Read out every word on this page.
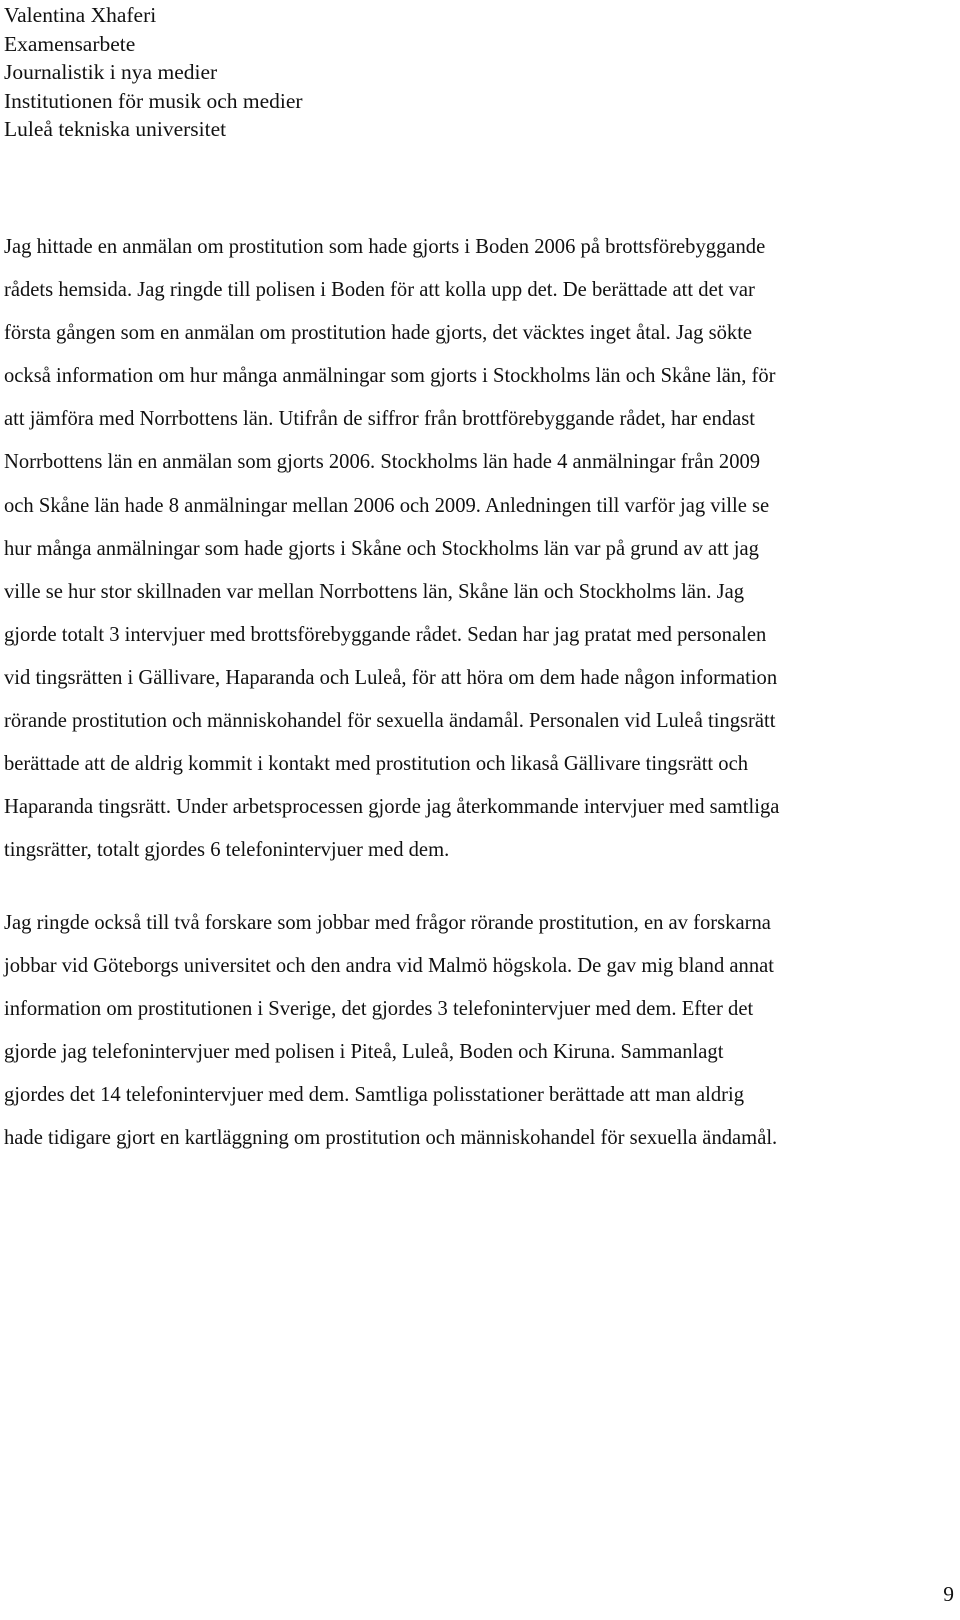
Valentina Xhaferi
Examensarbete
Journalistik i nya medier
Institutionen för musik och medier
Luleå tekniska universitet
Jag hittade en anmälan om prostitution som hade gjorts i Boden 2006 på brottsförebyggande
rådets hemsida. Jag ringde till polisen i Boden för att kolla upp det. De berättade att det var
första gången som en anmälan om prostitution hade gjorts, det väcktes inget åtal. Jag sökte
också information om hur många anmälningar som gjorts i Stockholms län och Skåne län, för
att jämföra med Norrbottens län. Utifrån de siffror från brottförebyggande rådet, har endast
Norrbottens län en anmälan som gjorts 2006. Stockholms län hade 4 anmälningar från 2009
och Skåne län hade 8 anmälningar mellan 2006 och 2009. Anledningen till varför jag ville se
hur många anmälningar som hade gjorts i Skåne och Stockholms län var på grund av att jag
ville se hur stor skillnaden var mellan Norrbottens län, Skåne län och Stockholms län. Jag
gjorde totalt 3 intervjuer med brottsförebyggande rådet. Sedan har jag pratat med personalen
vid tingsrätten i Gällivare, Haparanda och Luleå, för att höra om dem hade någon information
rörande prostitution och människohandel för sexuella ändamål. Personalen vid Luleå tingsrätt
berättade att de aldrig kommit i kontakt med prostitution och likaså Gällivare tingsrätt och
Haparanda tingsrätt. Under arbetsprocessen gjorde jag återkommande intervjuer med samtliga
tingsrätter, totalt gjordes 6 telefonintervjuer med dem.
Jag ringde också till två forskare som jobbar med frågor rörande prostitution, en av forskarna
jobbar vid Göteborgs universitet och den andra vid Malmö högskola. De gav mig bland annat
information om prostitutionen i Sverige, det gjordes 3 telefonintervjuer med dem. Efter det
gjorde jag telefonintervjuer med polisen i Piteå, Luleå, Boden och Kiruna. Sammanlagt
gjordes det 14 telefonintervjuer med dem. Samtliga polisstationer berättade att man aldrig
hade tidigare gjort en kartläggning om prostitution och människohandel för sexuella ändamål.
9
